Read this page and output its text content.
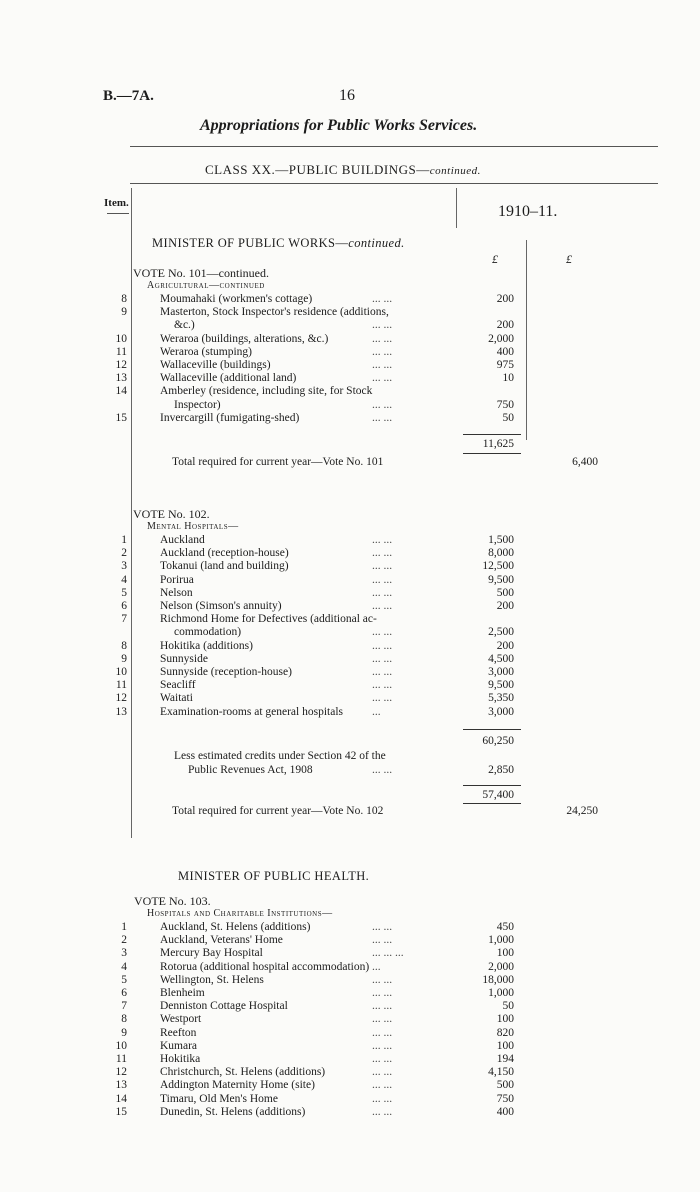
B.—7A.	16
Appropriations for Public Works Services.
CLASS XX.—PUBLIC BUILDINGS—continued.
Item.	1910–11.
MINISTER OF PUBLIC WORKS—continued.
£	£
VOTE No. 101—continued.
Agricultural—continued
8	Moumahaki (workmen's cottage)	... ...	200
9	Masterton, Stock Inspector's residence (additions,
&c.)	... ...	200
10	Weraroa (buildings, alterations, &c.)	... ...	2,000
11	Weraroa (stumping)	... ...	400
12	Wallaceville (buildings)	... ...	975
13	Wallaceville (additional land)	... ...	10
14	Amberley (residence, including site, for Stock
Inspector)	... ...	750
15	Invercargill (fumigating-shed)	... ...	50
11,625
Total required for current year—Vote No. 101	6,400
VOTE No. 102.
Mental Hospitals—
1	Auckland	... ...	1,500
2	Auckland (reception-house)	... ...	8,000
3	Tokanui (land and building)	... ...	12,500
4	Porirua	... ...	9,500
5	Nelson	... ...	500
6	Nelson (Simson's annuity)	... ...	200
7	Richmond Home for Defectives (additional ac-
commodation)	... ...	2,500
8	Hokitika (additions)	... ...	200
9	Sunnyside	... ...	4,500
10	Sunnyside (reception-house)	... ...	3,000
11	Seacliff	... ...	9,500
12	Waitati	... ...	5,350
13	Examination-rooms at general hospitals	...	3,000
60,250
Less estimated credits under Section 42 of the
Public Revenues Act, 1908	... ...	2,850
57,400
Total required for current year—Vote No. 102	24,250
MINISTER OF PUBLIC HEALTH.
VOTE No. 103.
Hospitals and Charitable Institutions—
1	Auckland, St. Helens (additions)	... ...	450
2	Auckland, Veterans' Home	... ...	1,000
3	Mercury Bay Hospital	... ... ...	100
4	Rotorua (additional hospital accommodation) ...	2,000
5	Wellington, St. Helens	... ...	18,000
6	Blenheim	... ...	1,000
7	Denniston Cottage Hospital	... ...	50
8	Westport	... ...	100
9	Reefton	... ...	820
10	Kumara	... ...	100
11	Hokitika	... ...	194
12	Christchurch, St. Helens (additions)	... ...	4,150
13	Addington Maternity Home (site)	... ...	500
14	Timaru, Old Men's Home	... ...	750
15	Dunedin, St. Helens (additions)	... ...	400
